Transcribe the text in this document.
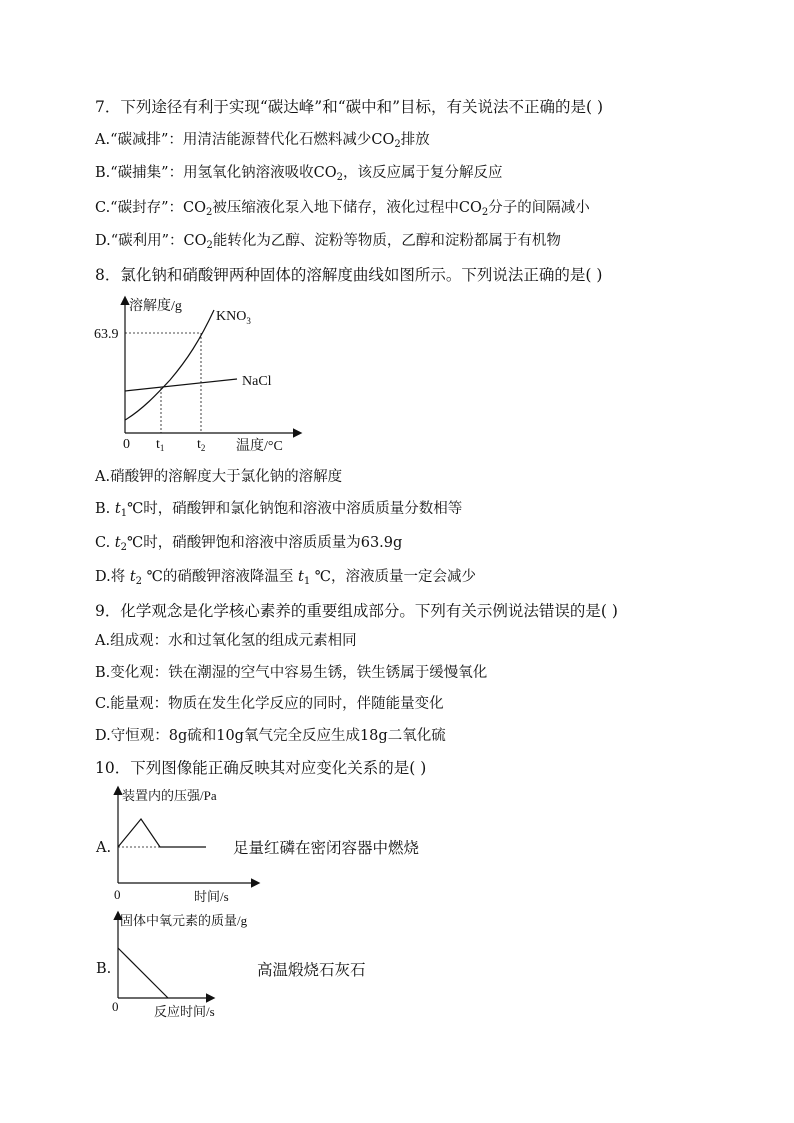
7．下列途径有利于实现“碳达峰”和“碳中和”目标，有关说法不正确的是( )
A.“碳减排”：用清洁能源替代化石燃料减少$CO_2$排放
B.“碳捕集”：用氢氧化钠溶液吸收$CO_2$，该反应属于复分解反应
C.“碳封存”：$CO_2$被压缩液化泵入地下储存，液化过程中$CO_2$分子的间隔减小
D.“碳利用”：$CO_2$能转化为乙醇、淀粉等物质，乙醇和淀粉都属于有机物
8．氯化钠和硝酸钾两种固体的溶解度曲线如图所示。下列说法正确的是( )
溶解度/g
63.9
$KNO_3$
NaCl
0 $t_1$ $t_2$ 温度/°C
A.硝酸钾的溶解度大于氯化钠的溶解度
B. $t_1℃$时，硝酸钾和氯化钠饱和溶液中溶质质量分数相等
C. $t_2℃$时，硝酸钾饱和溶液中溶质质量为63.9g
D.将 $t_2$ ℃的硝酸钾溶液降温至 $t_1$ ℃，溶液质量一定会减少
9．化学观念是化学核心素养的重要组成部分。下列有关示例说法错误的是( )
A.组成观：水和过氧化氢的组成元素相同
B.变化观：铁在潮湿的空气中容易生锈，铁生锈属于缓慢氧化
C.能量观：物质在发生化学反应的同时，伴随能量变化
D.守恒观：8g硫和10g氧气完全反应生成18g二氧化硫
10．下列图像能正确反映其对应变化关系的是( )
A.
装置内的压强/Pa
0	时间/s
足量红磷在密闭容器中燃烧
B.
固体中氧元素的质量/g
0	反应时间/s
高温煅烧石灰石
